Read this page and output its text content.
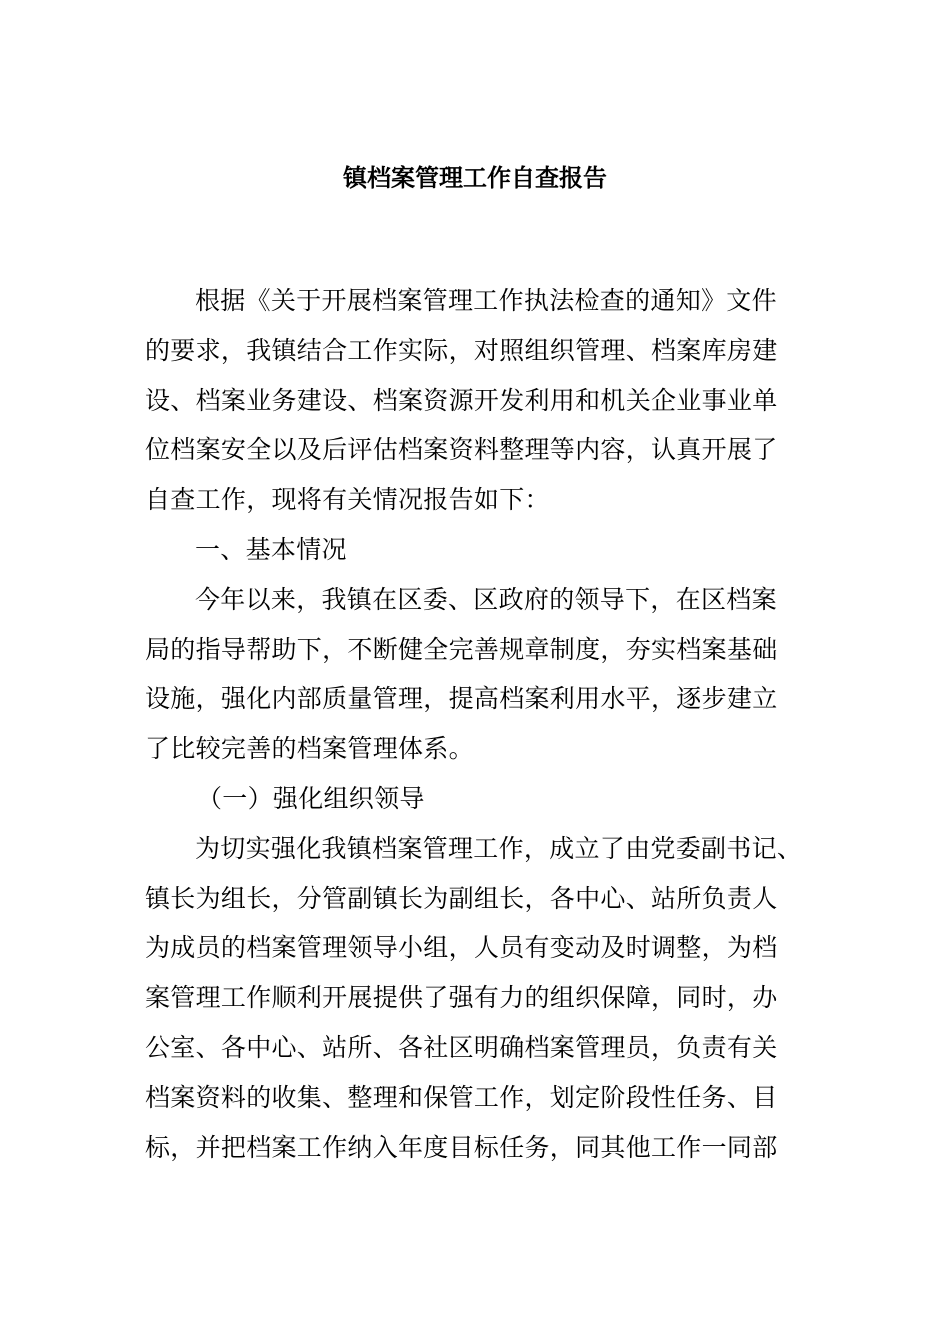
镇档案管理工作自查报告
根据《关于开展档案管理工作执法检查的通知》文件
的要求，我镇结合工作实际，对照组织管理、档案库房建
设、档案业务建设、档案资源开发利用和机关企业事业单
位档案安全以及后评估档案资料整理等内容，认真开展了
自查工作，现将有关情况报告如下：
一、基本情况
今年以来，我镇在区委、区政府的领导下，在区档案
局的指导帮助下，不断健全完善规章制度，夯实档案基础
设施，强化内部质量管理，提高档案利用水平，逐步建立
了比较完善的档案管理体系。
（一）强化组织领导
为切实强化我镇档案管理工作，成立了由党委副书记、
镇长为组长，分管副镇长为副组长，各中心、站所负责人
为成员的档案管理领导小组，人员有变动及时调整，为档
案管理工作顺利开展提供了强有力的组织保障，同时，办
公室、各中心、站所、各社区明确档案管理员，负责有关
档案资料的收集、整理和保管工作，划定阶段性任务、目
标，并把档案工作纳入年度目标任务，同其他工作一同部
